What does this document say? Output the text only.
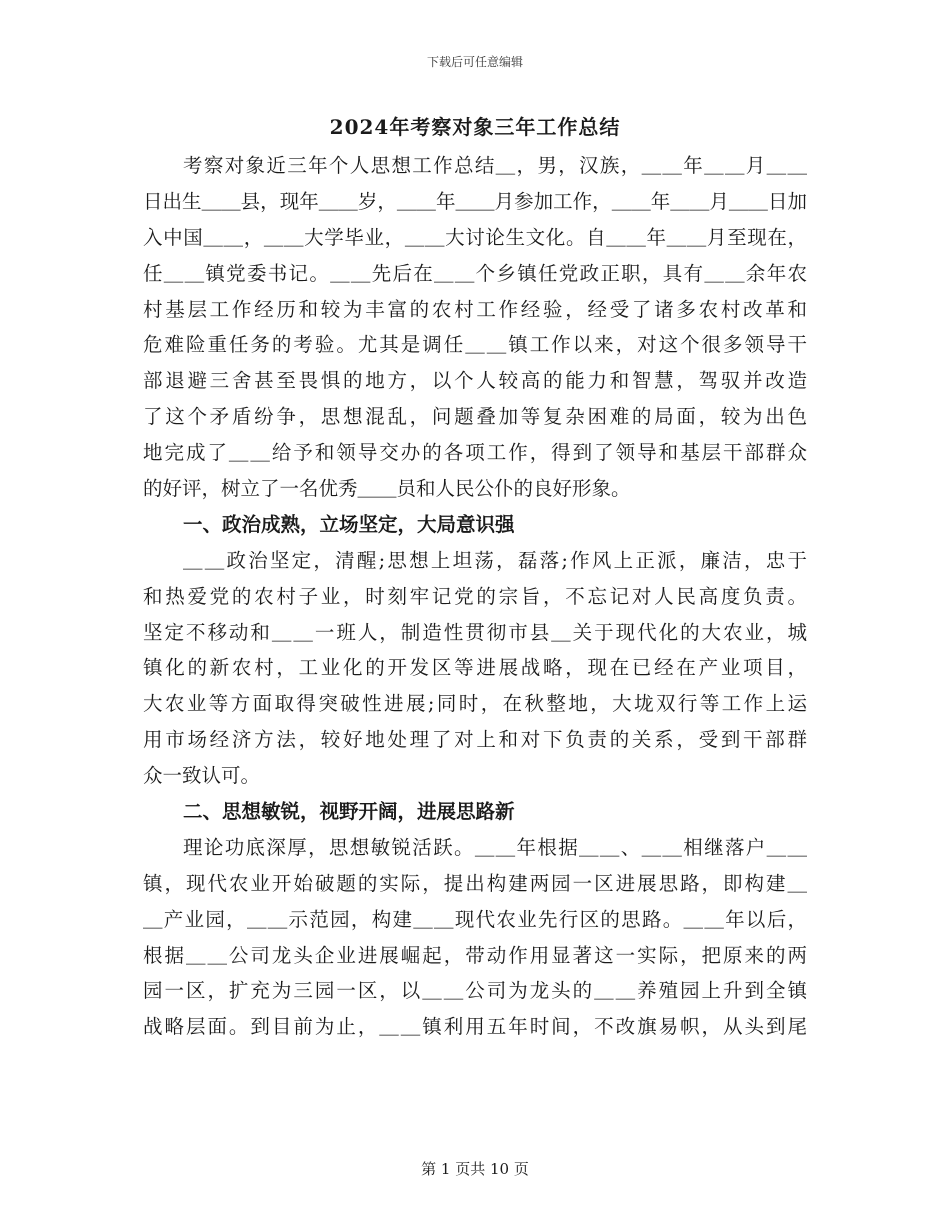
下载后可任意编辑
2024年考察对象三年工作总结
考察对象近三年个人思想工作总结＿，男，汉族，＿＿年＿＿月＿＿
日出生＿＿县，现年＿＿岁，＿＿年＿＿月参加工作，＿＿年＿＿月＿＿日加
入中国＿＿，＿＿大学毕业，＿＿大讨论生文化。自＿＿年＿＿月至现在，
任＿＿镇党委书记。＿＿先后在＿＿个乡镇任党政正职，具有＿＿余年农
村基层工作经历和较为丰富的农村工作经验，经受了诸多农村改革和
危难险重任务的考验。尤其是调任＿＿镇工作以来，对这个很多领导干
部退避三舍甚至畏惧的地方，以个人较高的能力和智慧，驾驭并改造
了这个矛盾纷争，思想混乱，问题叠加等复杂困难的局面，较为出色
地完成了＿＿给予和领导交办的各项工作，得到了领导和基层干部群众
的好评，树立了一名优秀＿＿员和人民公仆的良好形象。
一、政治成熟，立场坚定，大局意识强
＿＿政治坚定，清醒;思想上坦荡，磊落;作风上正派，廉洁，忠于
和热爱党的农村子业，时刻牢记党的宗旨，不忘记对人民高度负责。
坚定不移动和＿＿一班人，制造性贯彻市县＿关于现代化的大农业，城
镇化的新农村，工业化的开发区等进展战略，现在已经在产业项目，
大农业等方面取得突破性进展;同时，在秋整地，大垅双行等工作上运
用市场经济方法，较好地处理了对上和对下负责的关系，受到干部群
众一致认可。
二、思想敏锐，视野开阔，进展思路新
理论功底深厚，思想敏锐活跃。＿＿年根据＿＿、＿＿相继落户＿＿
镇，现代农业开始破题的实际，提出构建两园一区进展思路，即构建＿
＿产业园，＿＿示范园，构建＿＿现代农业先行区的思路。＿＿年以后，
根据＿＿公司龙头企业进展崛起，带动作用显著这一实际，把原来的两
园一区，扩充为三园一区，以＿＿公司为龙头的＿＿养殖园上升到全镇
战略层面。到目前为止，＿＿镇利用五年时间，不改旗易帜，从头到尾
第 1 页共 10 页
